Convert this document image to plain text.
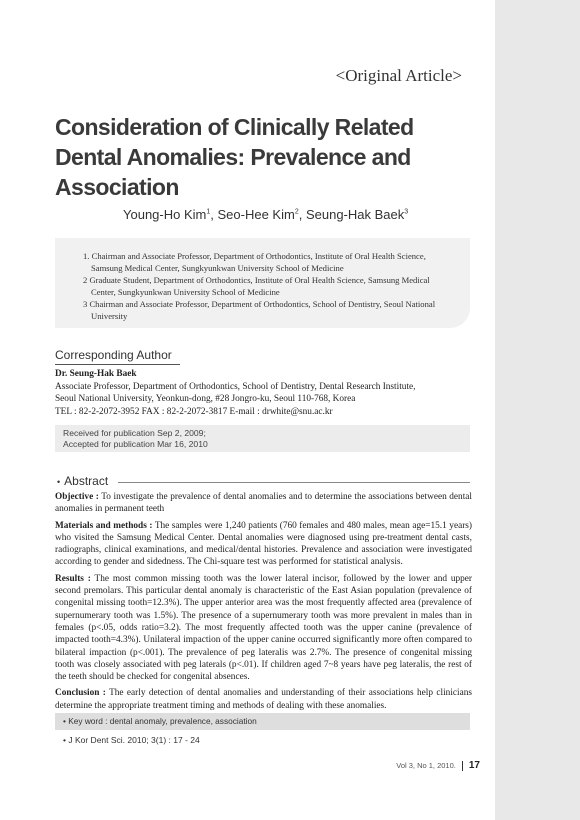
<Original Article>
Consideration of Clinically Related Dental Anomalies: Prevalence and Association
Young-Ho Kim$^1$, Seo-Hee Kim$^2$, Seung-Hak Baek$^3$
1. Chairman and Associate Professor, Department of Orthodontics, Institute of Oral Health Science, Samsung Medical Center, Sungkyunkwan University School of Medicine
2 Graduate Student, Department of Orthodontics, Institute of Oral Health Science, Samsung Medical Center, Sungkyunkwan University School of Medicine
3 Chairman and Associate Professor, Department of Orthodontics, School of Dentistry, Seoul National University
Corresponding Author
Dr. Seung-Hak Baek
Associate Professor, Department of Orthodontics, School of Dentistry, Dental Research Institute,
Seoul National University, Yeonkun-dong, #28 Jongro-ku, Seoul 110-768, Korea
TEL : 82-2-2072-3952 FAX : 82-2-2072-3817 E-mail : drwhite@snu.ac.kr
Received for publication Sep 2, 2009;
Accepted for publication Mar 16, 2010
• Abstract

Objective : To investigate the prevalence of dental anomalies and to determine the associations between dental anomalies in permanent teeth

Materials and methods : The samples were 1,240 patients (760 females and 480 males, mean age=15.1 years) who visited the Samsung Medical Center. Dental anomalies were diagnosed using pre-treatment dental casts, radiographs, clinical examinations, and medical/dental histories. Prevalence and association were investigated according to gender and sidedness. The Chi-square test was performed for statistical analysis.

Results : The most common missing tooth was the lower lateral incisor, followed by the lower and upper second premolars. This particular dental anomaly is characteristic of the East Asian population (prevalence of congenital missing tooth=12.3%). The upper anterior area was the most frequently affected area (prevalence of supernumerary tooth was 1.5%). The presence of a supernumerary tooth was more prevalent in males than in females (p<.05, odds ratio=3.2). The most frequently affected tooth was the upper canine (prevalence of impacted tooth=4.3%). Unilateral impaction of the upper canine occurred significantly more often compared to bilateral impaction (p<.001). The prevalence of peg lateralis was 2.7%. The presence of congenital missing tooth was closely associated with peg laterals (p<.01). If children aged 7~8 years have peg lateralis, the rest of the teeth should be checked for congenital absences.

Conclusion : The early detection of dental anomalies and understanding of their associations help clinicians determine the appropriate treatment timing and methods of dealing with these anomalies.

• Key word : dental anomaly, prevalence, association
• J Kor Dent Sci. 2010; 3(1) : 17 - 24
Vol 3, No 1, 2010. 17
